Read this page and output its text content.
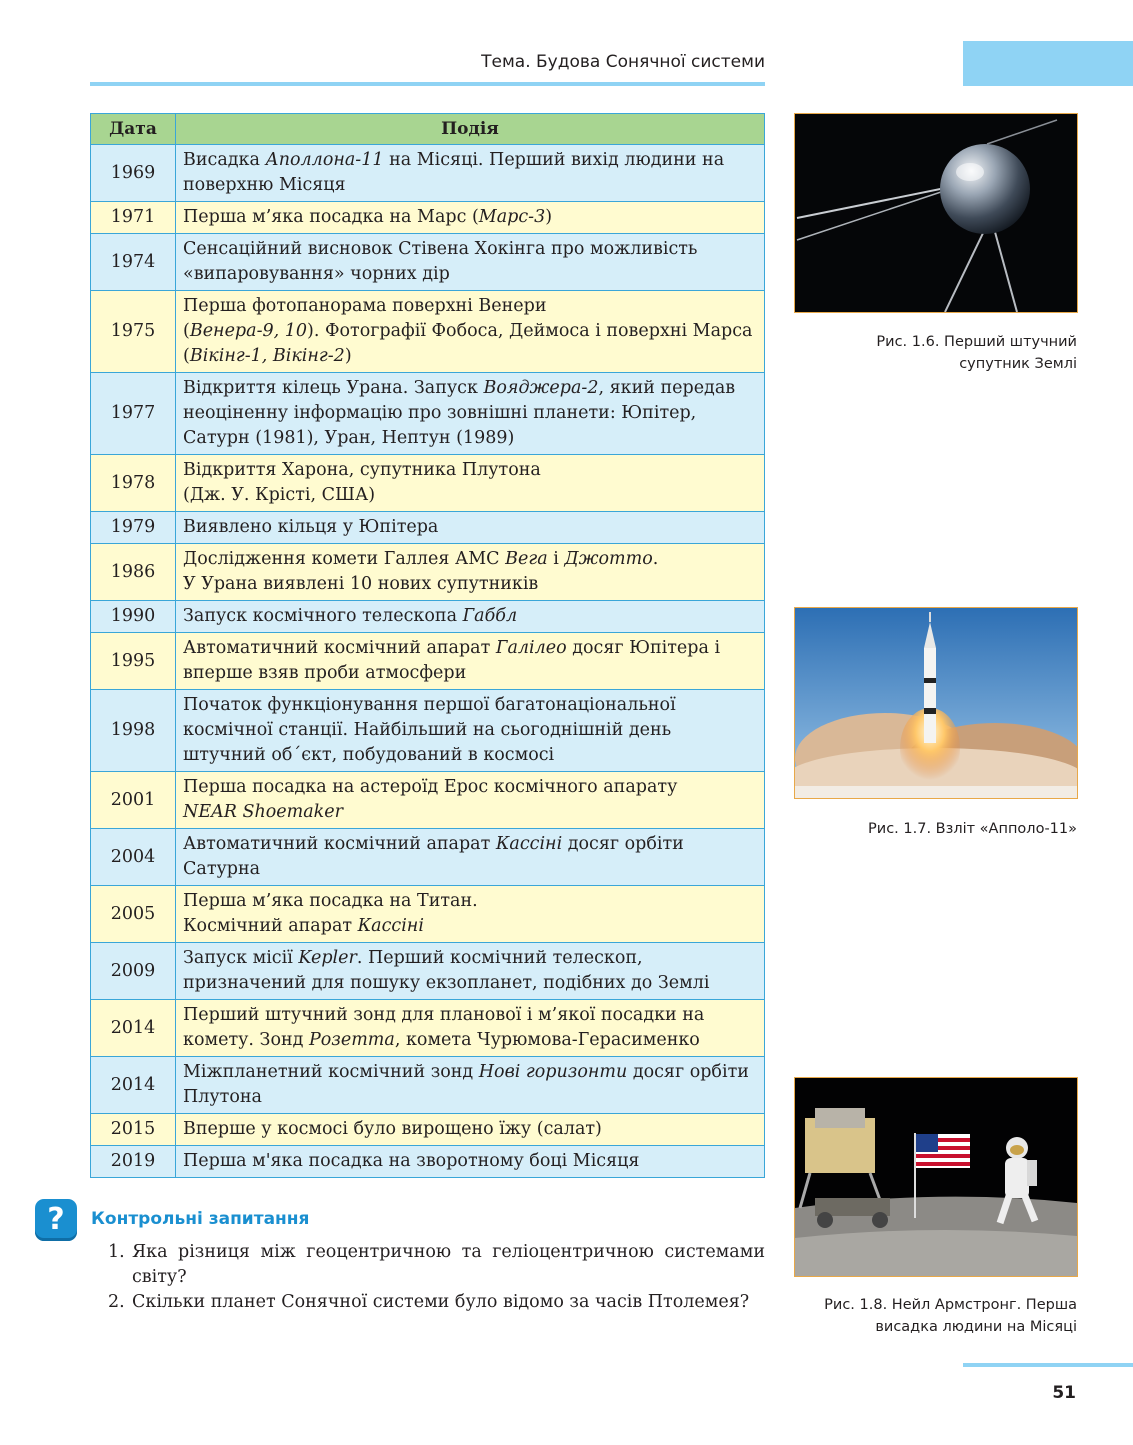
Тема. Будова Сонячної системи
Дата	Подія
1969	Висадка Аполлона-11 на Місяці. Перший вихід людини на поверхню Місяця
1971	Перша м’яка посадка на Марс (Марс-3)
1974	Сенсаційний висновок Стівена Хокінга про можливість «випаровування» чорних дір
1975	Перша фотопанорама поверхні Венери
(Венера-9, 10). Фотографії Фобоса, Деймоса і поверхні Марса (Вікінг-1, Вікінг-2)
1977	Відкриття кілець Урана. Запуск Вояджера-2, який передав неоціненну інформацію про зовнішні планети: Юпітер, Сатурн (1981), Уран, Нептун (1989)
1978	Відкриття Харона, супутника Плутона
(Дж. У. Крісті, США)
1979	Виявлено кільця у Юпітера
1986	Дослідження комети Галлея АМС Вега і Джотто.
У Урана виявлені 10 нових супутників
1990	Запуск космічного телескопа Габбл
1995	Автоматичний космічний апарат Галілео досяг Юпітера і вперше взяв проби атмосфери
1998	Початок функціонування першої багатонаціональної космічної станції. Найбільший на сьогоднішній день штучний об΄єкт, побудований в космосі
2001	Перша посадка на астероїд Ерос космічного апарату
NEAR Shoemaker
2004	Автоматичний космічний апарат Кассіні досяг орбіти Сатурна
2005	Перша м’яка посадка на Титан.
Космічний апарат Кассіні
2009	Запуск місії Kepler. Перший космічний телескоп, призначений для пошуку екзопланет, подібних до Землі
2014	Перший штучний зонд для планової і м’якої посадки на комету. Зонд Розетта, комета Чурюмова-Герасименко
2014	Міжпланетний космічний зонд Нові горизонти досяг орбіти Плутона
2015	Вперше у космосі було вирощено їжу (салат)
2019	Перша м'яка посадка на зворотному боці Місяця
Рис. 1.6. Перший штучний
супутник Землі
Рис. 1.7. Взліт «Апполо-11»
Рис. 1.8. Нейл Армстронг. Перша
висадка людини на Місяці
?	Контрольні запитання
1. Яка різниця між геоцентричною та геліоцентричною системами світу?
2. Скільки планет Сонячної системи було відомо за часів Птолемея?
51
